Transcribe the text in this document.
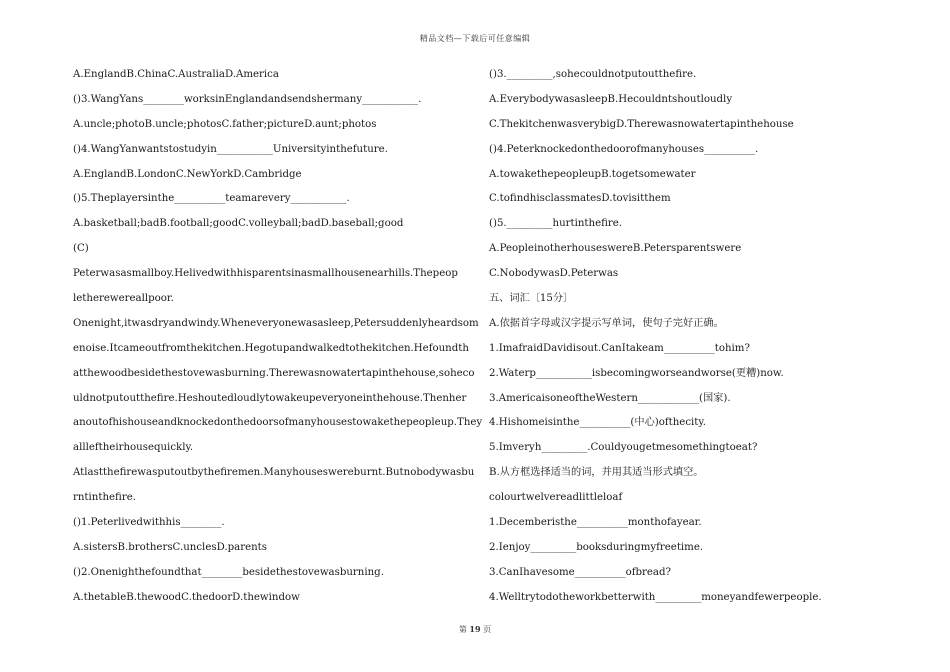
精品文档—下载后可任意编辑
A.EnglandB.ChinaC.AustraliaD.America
()3.WangYans________worksinEnglandandsendshermany___________.
A.uncle;photoB.uncle;photosC.father;pictureD.aunt;photos
()4.WangYanwantstostudyin___________Universityinthefuture.
A.EnglandB.LondonC.NewYorkD.Cambridge
()5.Theplayersinthe__________teamarevery___________.
A.basketball;badB.football;goodC.volleyball;badD.baseball;good
(C)
Peterwasasmallboy.Helivedwithhisparentsinasmallhousenearhills.Thepeop
letherewereallpoor.
Onenight,itwasdryandwindy.Wheneveryonewasasleep,Petersuddenlyheardsom
enoise.Itcameoutfromthekitchen.Hegotupandwalkedtothekitchen.Hefoundth
atthewoodbesidethestovewasburning.Therewasnowatertapinthehouse,soheco
uldnotputoutthefire.Heshoutedloudlytowakeupeveryoneinthehouse.Thenher
anoutofhishouseandknockedonthedoorsofmanyhousestowakethepeopleup.They
allleftheirhousequickly.
Atlastthefirewasputoutbythefiremen.Manyhouseswereburnt.Butnobodywasbu
rntinthefire.
()1.Peterlivedwithhis________.
A.sistersB.brothersC.unclesD.parents
()2.Onenighthefoundthat________besidethestovewasburning.
A.thetableB.thewoodC.thedoorD.thewindow
()3._________,sohecouldnotputoutthefire.
A.EverybodywasasleepB.Hecouldntshoutloudly
C.ThekitchenwasverybigD.Therewasnowatertapinthehouse
()4.Peterknockedonthedoorofmanyhouses__________.
A.towakethepeopleupB.togetsomewater
C.tofindhisclassmatesD.tovisitthem
()5._________hurtinthefire.
A.PeopleinotherhouseswereB.Petersparentswere
C.NobodywasD.Peterwas
五、词汇〔15分〕
A.依据首字母或汉字提示写单词，使句子完好正确。
1.ImafraidDavidisout.CanItakeam__________tohim?
2.Waterp___________isbecomingworseandworse(更糟)now.
3.AmericaisoneoftheWestern____________(国家).
4.Hishomeisinthe__________(中心)ofthecity.
5.Imveryh_________.Couldyougetmesomethingtoeat?
B.从方框选择适当的词，并用其适当形式填空。
colourtwelvereadlittleloaf
1.Decemberisthe__________monthofayear.
2.Ienjoy_________booksduringmyfreetime.
3.CanIhavesome__________ofbread?
4.Welltrytodotheworkbetterwith_________moneyandfewerpeople.
第 19 页
